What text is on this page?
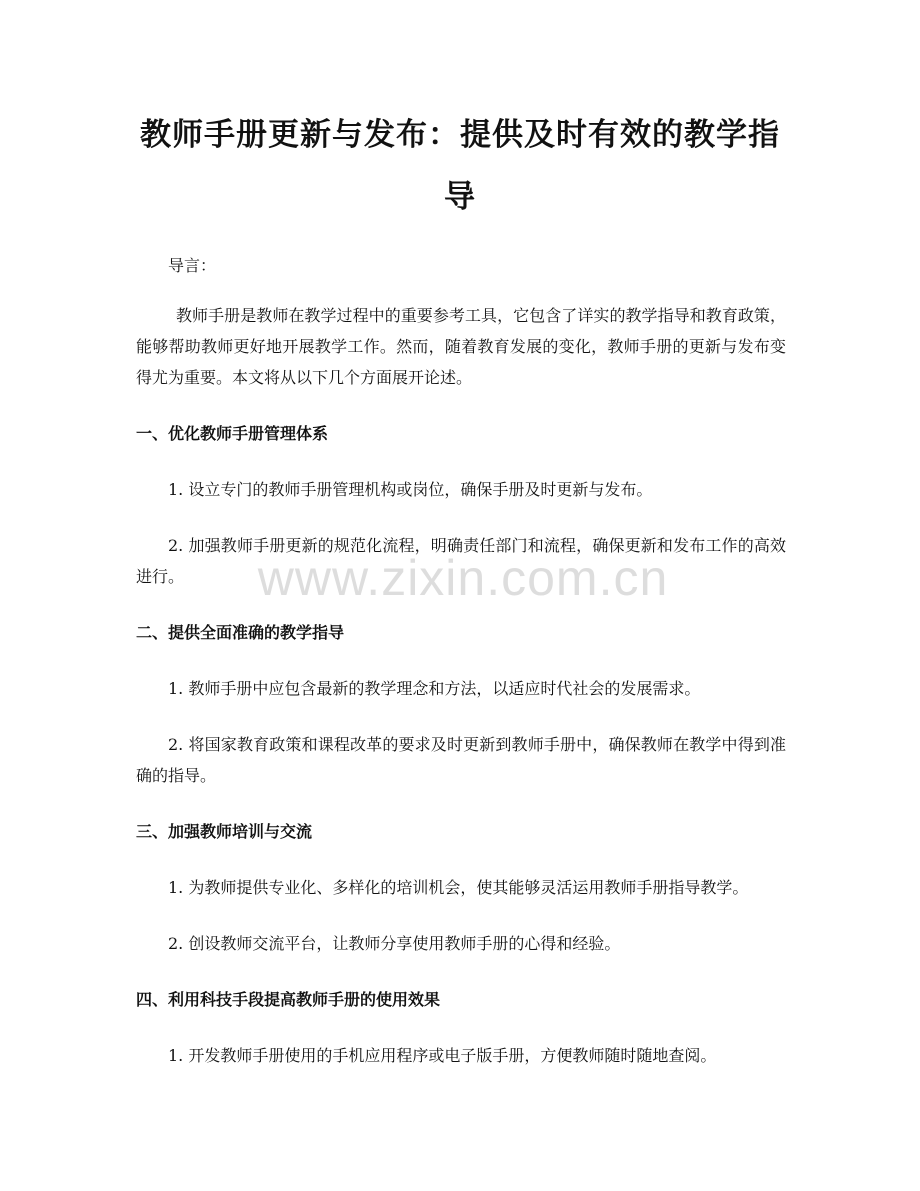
教师手册更新与发布：提供及时有效的教学指导

导言：

教师手册是教师在教学过程中的重要参考工具，它包含了详实的教学指导和教育政策，能够帮助教师更好地开展教学工作。然而，随着教育发展的变化，教师手册的更新与发布变得尤为重要。本文将从以下几个方面展开论述。

一、优化教师手册管理体系

1. 设立专门的教师手册管理机构或岗位，确保手册及时更新与发布。

2. 加强教师手册更新的规范化流程，明确责任部门和流程，确保更新和发布工作的高效进行。

二、提供全面准确的教学指导

1. 教师手册中应包含最新的教学理念和方法，以适应时代社会的发展需求。

2. 将国家教育政策和课程改革的要求及时更新到教师手册中，确保教师在教学中得到准确的指导。

三、加强教师培训与交流

1. 为教师提供专业化、多样化的培训机会，使其能够灵活运用教师手册指导教学。

2. 创设教师交流平台，让教师分享使用教师手册的心得和经验。

四、利用科技手段提高教师手册的使用效果

1. 开发教师手册使用的手机应用程序或电子版手册，方便教师随时随地查阅。

www.zixin.com.cn
